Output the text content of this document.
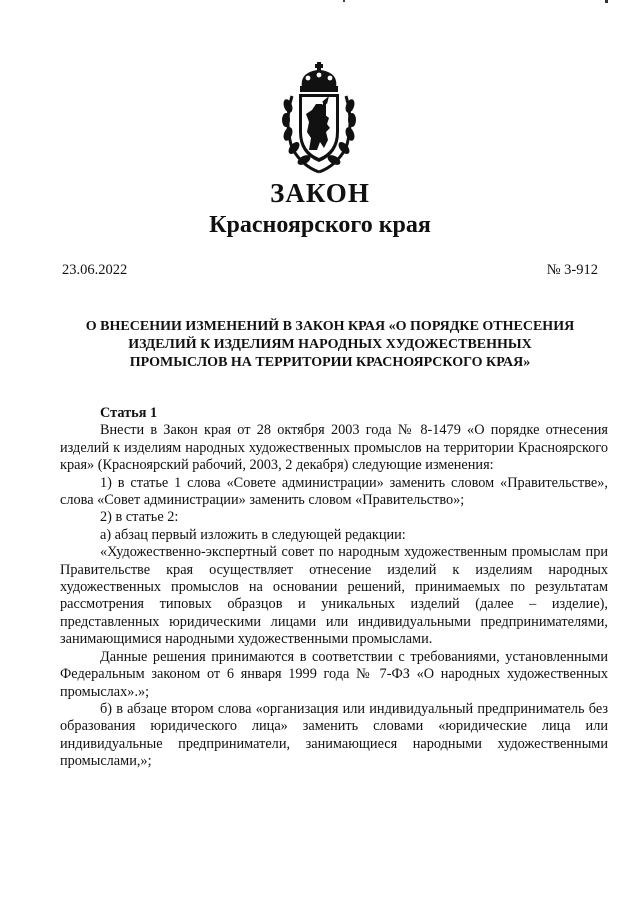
ЗАКОН
Красноярского края
23.06.2022	№ 3-912
О ВНЕСЕНИИ ИЗМЕНЕНИЙ В ЗАКОН КРАЯ «О ПОРЯДКЕ ОТНЕСЕНИЯ
ИЗДЕЛИЙ К ИЗДЕЛИЯМ НАРОДНЫХ ХУДОЖЕСТВЕННЫХ
ПРОМЫСЛОВ НА ТЕРРИТОРИИ КРАСНОЯРСКОГО КРАЯ»

Статья 1

Внести в Закон края от 28 октября 2003 года № 8-1479 «О порядке отнесения изделий к изделиям народных художественных промыслов на территории Красноярского края» (Красноярский рабочий, 2003, 2 декабря) следующие изменения:

1) в статье 1 слова «Совете администрации» заменить словом «Правительстве», слова «Совет администрации» заменить словом «Правительство»;

2) в статье 2:

а) абзац первый изложить в следующей редакции:

«Художественно-экспертный совет по народным художественным промыслам при Правительстве края осуществляет отнесение изделий к изделиям народных художественных промыслов на основании решений, принимаемых по результатам рассмотрения типовых образцов и уникальных изделий (далее – изделие), представленных юридическими лицами или индивидуальными предпринимателями, занимающимися народными художественными промыслами.

Данные решения принимаются в соответствии с требованиями, установленными Федеральным законом от 6 января 1999 года № 7-ФЗ «О народных художественных промыслах».»;

б) в абзаце втором слова «организация или индивидуальный предприниматель без образования юридического лица» заменить словами «юридические лица или индивидуальные предприниматели, занимающиеся народными художественными промыслами,»;
